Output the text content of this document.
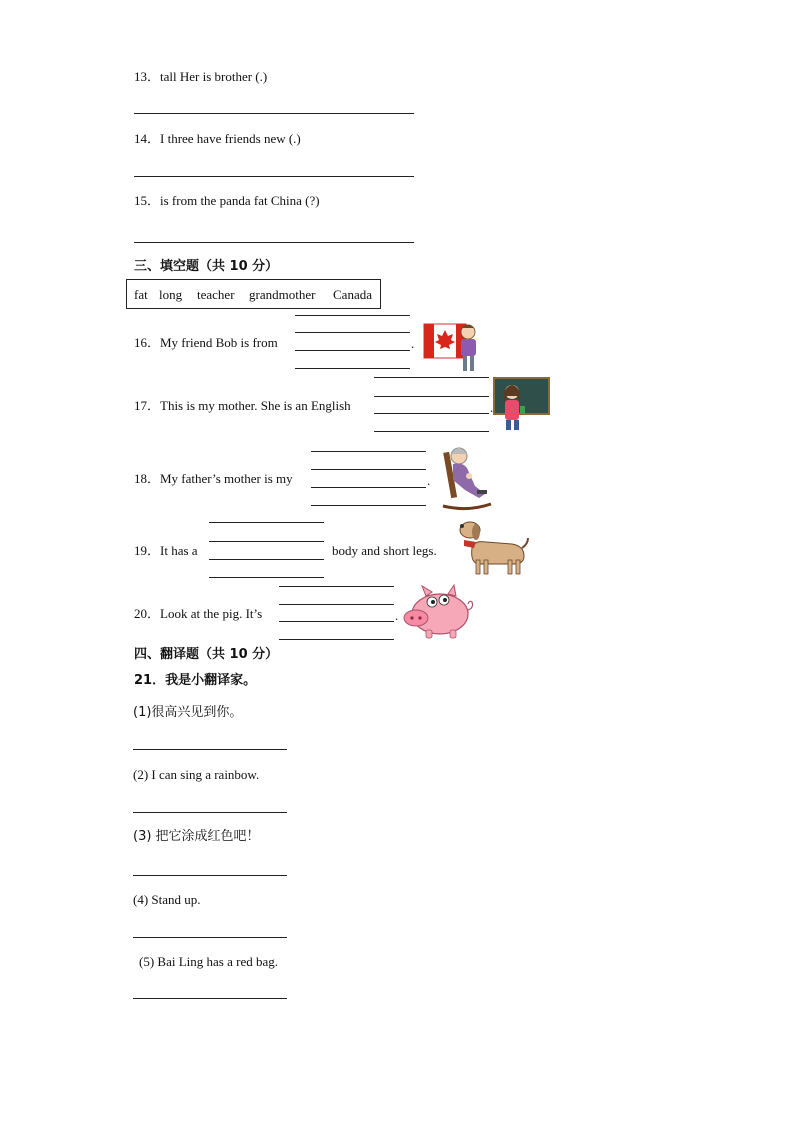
13．tall Her is brother (.)
14．I three have friends new (.)
15．is from the panda fat China (?)
三、填空题（共 10 分）
fat long teacher grandmother Canada
16．My friend Bob is from	.
17．This is my mother. She is an English	.
18．My father’s mother is my	.
19．It has a	body and short legs.
20．Look at the pig. It’s	.
四、翻译题（共 10 分）
21．我是小翻译家。
(1)很高兴见到你。
(2) I can sing a rainbow.
(3) 把它涂成红色吧！
(4) Stand up.
(5) Bai Ling has a red bag.
